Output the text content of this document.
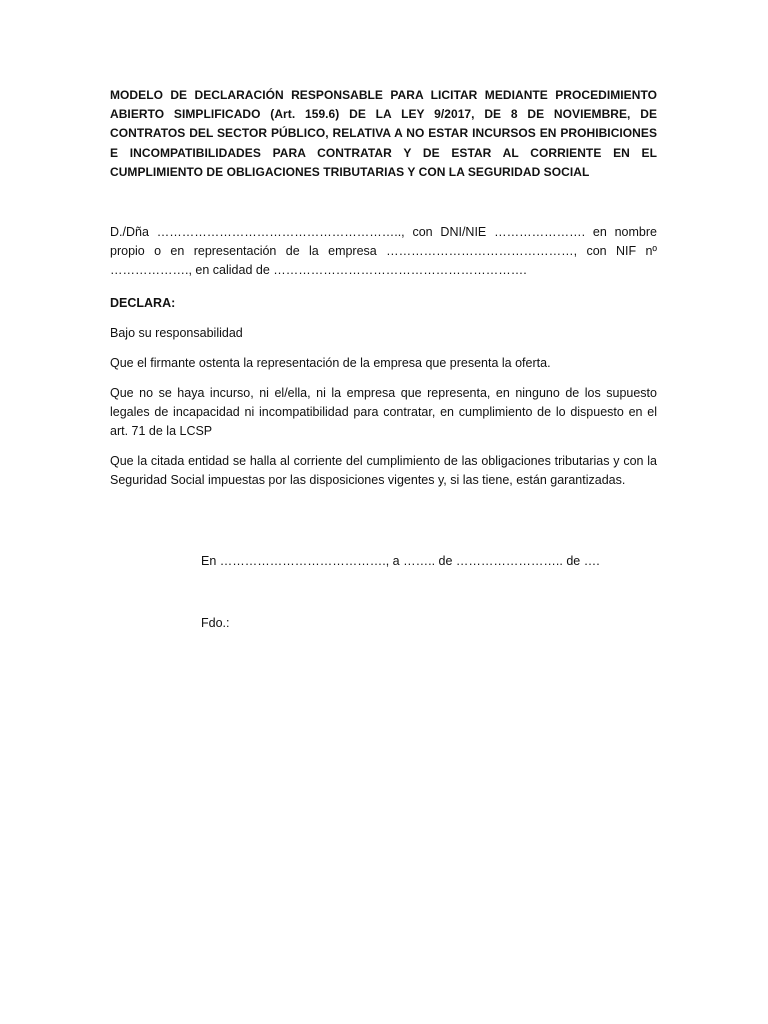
MODELO DE DECLARACIÓN RESPONSABLE PARA LICITAR MEDIANTE PROCEDIMIENTO ABIERTO SIMPLIFICADO (Art. 159.6) DE LA LEY 9/2017, DE 8 DE NOVIEMBRE, DE CONTRATOS DEL SECTOR PÚBLICO, RELATIVA A NO ESTAR INCURSOS EN PROHIBICIONES E INCOMPATIBILIDADES PARA CONTRATAR Y DE ESTAR AL CORRIENTE EN EL CUMPLIMIENTO DE OBLIGACIONES TRIBUTARIAS Y CON LA SEGURIDAD SOCIAL

D./Dña ………………………………………………….., con DNI/NIE …………………. en nombre propio o en representación de la empresa ………………………………………, con NIF nº ………………., en calidad de …………………………………………………….

DECLARA:

Bajo su responsabilidad

Que el firmante ostenta la representación de la empresa que presenta la oferta.

Que no se haya incurso, ni el/ella, ni la empresa que representa, en ninguno de los supuesto legales de incapacidad ni incompatibilidad para contratar, en cumplimiento de lo dispuesto en el art. 71 de la LCSP

Que la citada entidad se halla al corriente del cumplimiento de las obligaciones tributarias y con la Seguridad Social impuestas por las disposiciones vigentes y, si las tiene, están garantizadas.

En …………………………………., a …….. de …………………….. de ….
Fdo.:
